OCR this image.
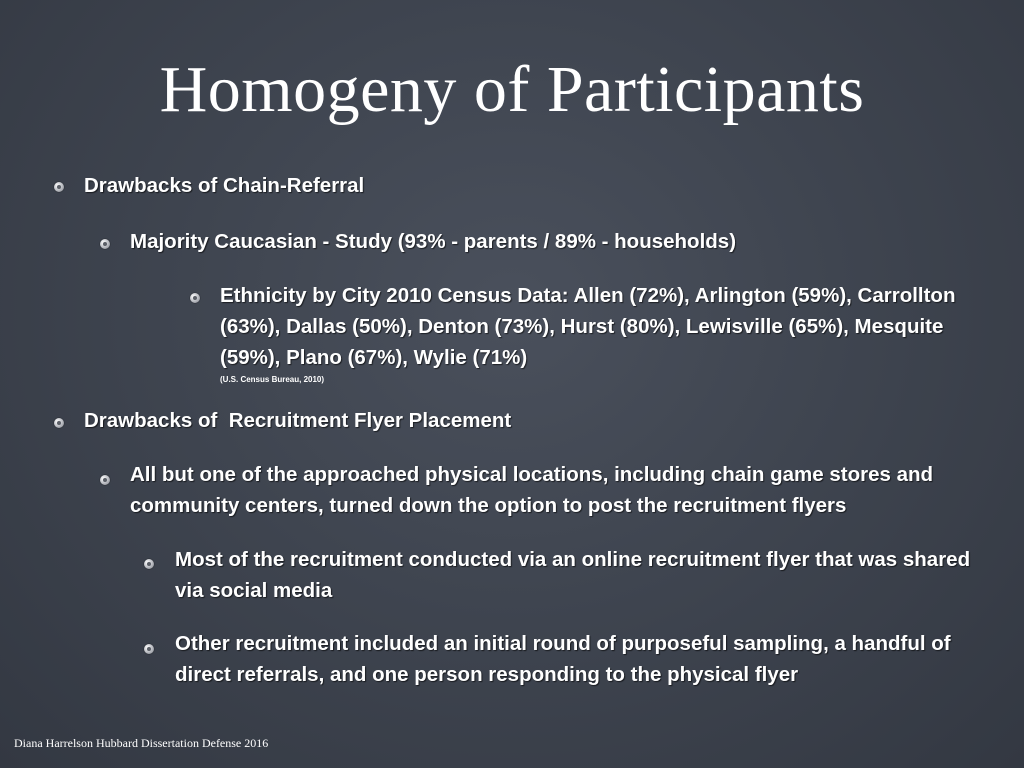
Homogeny of Participants
Drawbacks of Chain-Referral
Majority Caucasian - Study (93% - parents / 89% - households)
Ethnicity by City 2010 Census Data: Allen (72%), Arlington (59%), Carrollton (63%), Dallas (50%), Denton (73%), Hurst (80%), Lewisville (65%), Mesquite (59%), Plano (67%), Wylie (71%)
(U.S. Census Bureau, 2010)
Drawbacks of  Recruitment Flyer Placement
All but one of the approached physical locations, including chain game stores and community centers, turned down the option to post the recruitment flyers
Most of the recruitment conducted via an online recruitment flyer that was shared via social media
Other recruitment included an initial round of purposeful sampling, a handful of direct referrals, and one person responding to the physical flyer
Diana Harrelson Hubbard Dissertation Defense 2016
